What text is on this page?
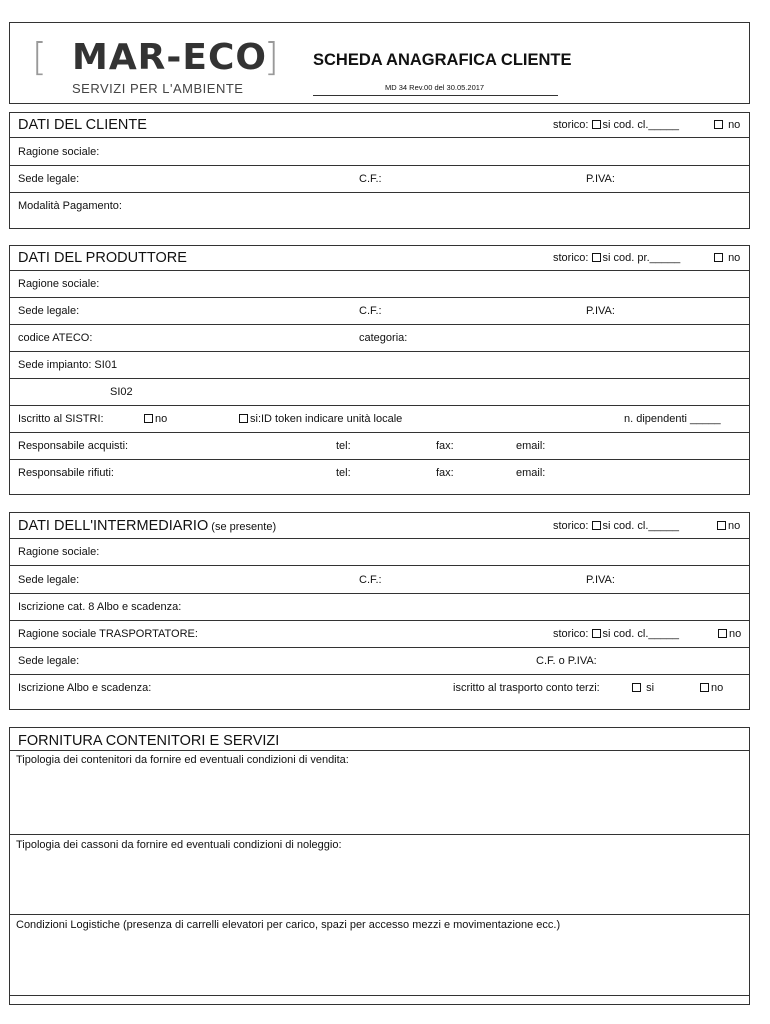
[ MAR-ECO
SERVIZI PER L'AMBIENTE
] SCHEDA ANAGRAFICA CLIENTE
MD 34 Rev.00 del 30.05.2017
DATI DEL CLIENTE	storico: si cod. cl._____	no
Ragione sociale:
Sede legale:	C.F.:	P.IVA:
Modalità Pagamento:
DATI DEL PRODUTTORE	storico: si cod. pr._____	no
Ragione sociale:
Sede legale:	C.F.:	P.IVA:
codice ATECO:	categoria:
Sede impianto: SI01
SI02
Iscritto al SISTRI:	no	si:ID token indicare unità locale	n. dipendenti _____
Responsabile acquisti:	tel:	fax:	email:
Responsabile rifiuti:	tel:	fax:	email:
DATI DELL'INTERMEDIARIO (se presente)	storico: si cod. cl._____	no
Ragione sociale:
Sede legale:	C.F.:	P.IVA:
Iscrizione cat. 8 Albo e scadenza:
Ragione sociale TRASPORTATORE:	storico: si cod. cl._____	no
Sede legale:	C.F. o P.IVA:
Iscrizione Albo e scadenza:	iscritto al trasporto conto terzi:	si	no
FORNITURA CONTENITORI E SERVIZI
Tipologia dei contenitori da fornire ed eventuali condizioni di vendita:
Tipologia dei cassoni da fornire ed eventuali condizioni di noleggio:
Condizioni Logistiche (presenza di carrelli elevatori per carico, spazi per accesso mezzi e movimentazione ecc.)
